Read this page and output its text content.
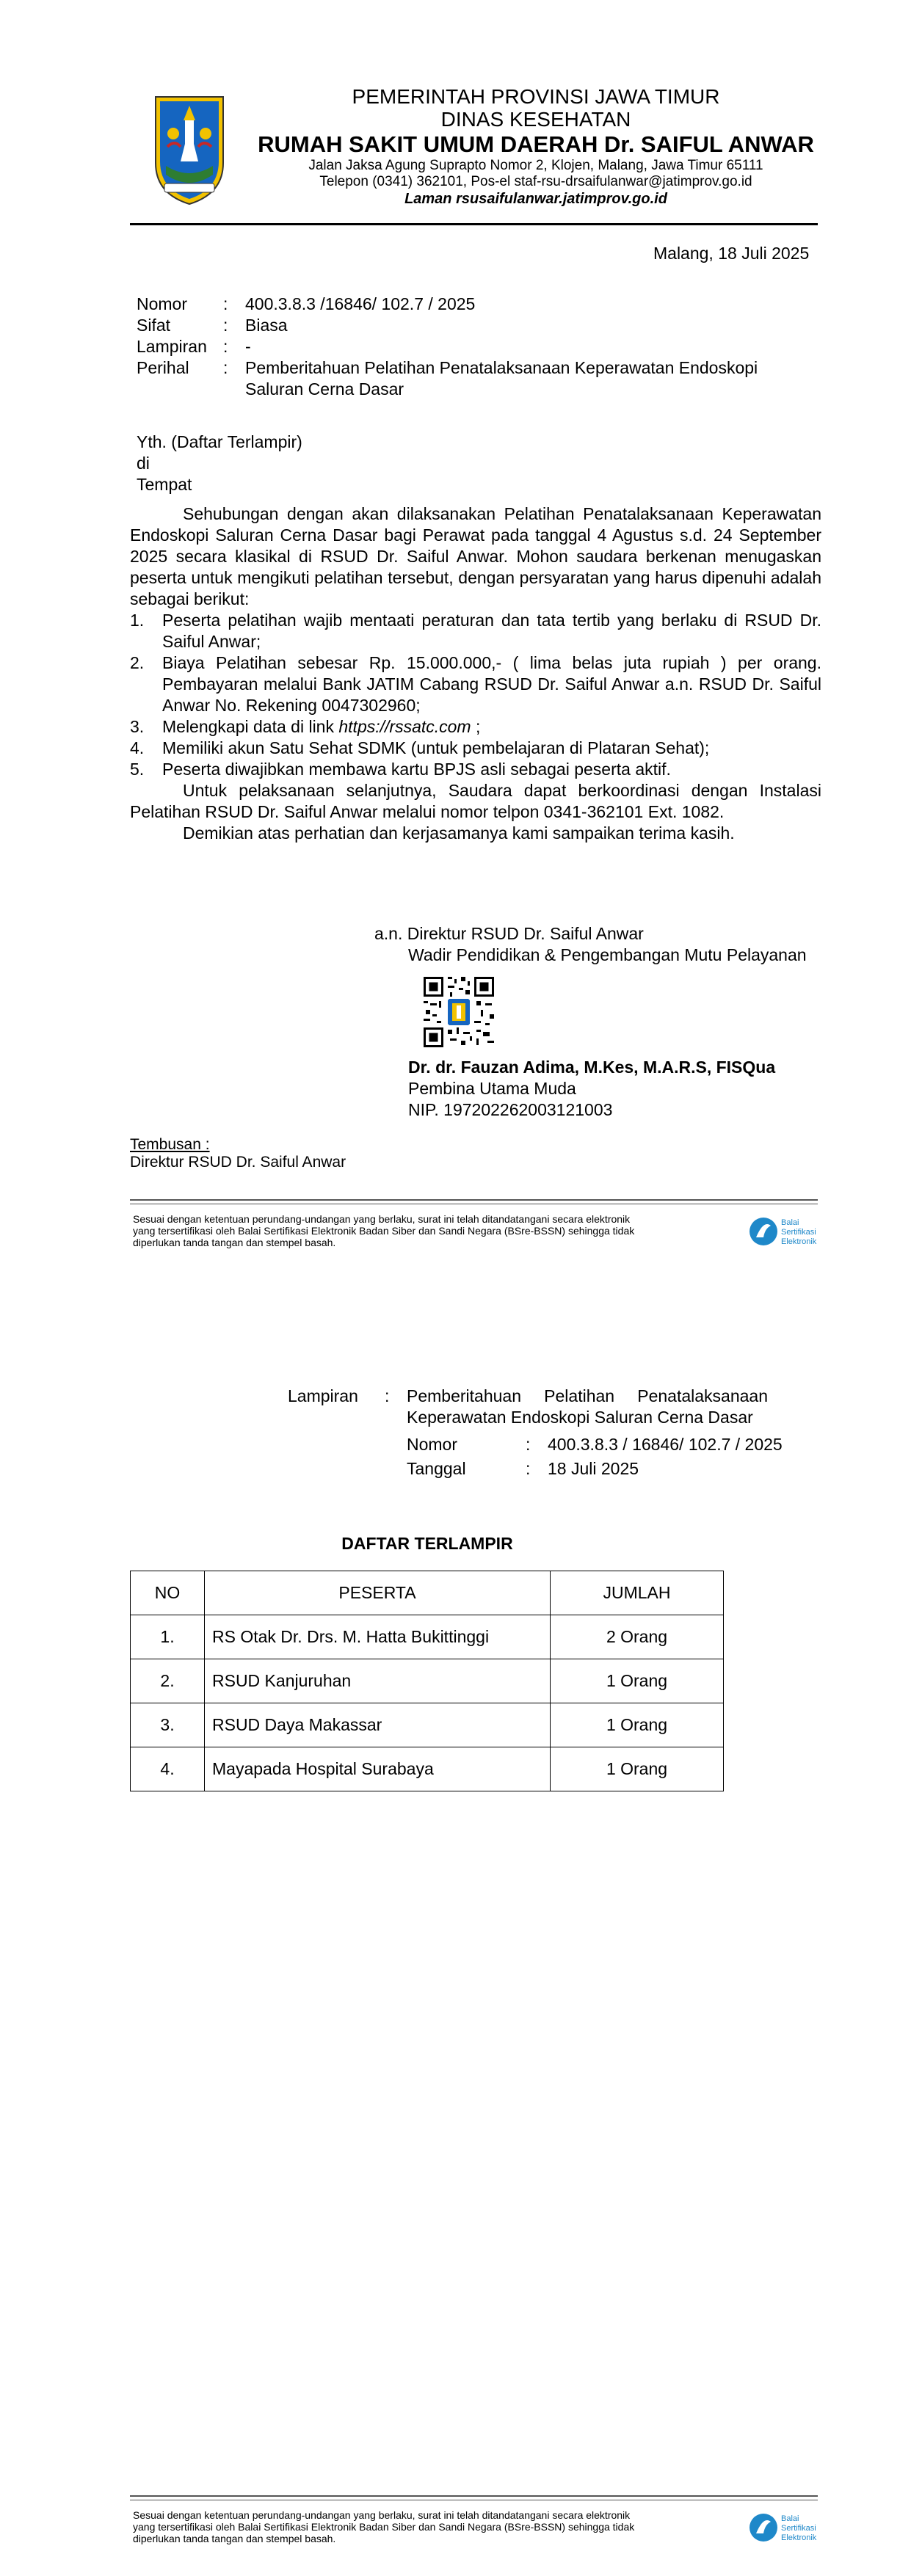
PEMERINTAH PROVINSI JAWA TIMUR
DINAS KESEHATAN
RUMAH SAKIT UMUM DAERAH Dr. SAIFUL ANWAR
Jalan Jaksa Agung Suprapto Nomor 2, Klojen, Malang, Jawa Timur 65111
Telepon (0341) 362101, Pos-el staf-rsu-drsaifulanwar@jatimprov.go.id
Laman rsusaifulanwar.jatimprov.go.id
Malang, 18 Juli 2025
Nomor	:	400.3.8.3 /16846/ 102.7 / 2025
Sifat	:	Biasa
Lampiran :	-
Perihal	:	Pemberitahuan Pelatihan Penatalaksanaan Keperawatan Endoskopi Saluran Cerna Dasar
Yth. (Daftar Terlampir)
di
Tempat

Sehubungan dengan akan dilaksanakan Pelatihan Penatalaksanaan Keperawatan Endoskopi Saluran Cerna Dasar bagi Perawat pada tanggal 4 Agustus s.d. 24 September 2025 secara klasikal di RSUD Dr. Saiful Anwar. Mohon saudara berkenan menugaskan peserta untuk mengikuti pelatihan tersebut, dengan persyaratan yang harus dipenuhi adalah sebagai berikut:

1.	Peserta pelatihan wajib mentaati peraturan dan tata tertib yang berlaku di RSUD Dr. Saiful Anwar;
2.	Biaya Pelatihan sebesar Rp. 15.000.000,- ( lima belas juta rupiah ) per orang. Pembayaran melalui Bank JATIM Cabang RSUD Dr. Saiful Anwar a.n. RSUD Dr. Saiful Anwar No. Rekening 0047302960;
3.	Melengkapi data di link https://rssatc.com ;
4.	Memiliki akun Satu Sehat SDMK (untuk pembelajaran di Plataran Sehat);
5.	Peserta diwajibkan membawa kartu BPJS asli sebagai peserta aktif.

Untuk pelaksanaan selanjutnya, Saudara dapat berkoordinasi dengan Instalasi Pelatihan RSUD Dr. Saiful Anwar melalui nomor telpon 0341-362101 Ext. 1082.

Demikian atas perhatian dan kerjasamanya kami sampaikan terima kasih.

a.n. Direktur RSUD Dr. Saiful Anwar
Wadir Pendidikan & Pengembangan Mutu Pelayanan
Dr. dr. Fauzan Adima, M.Kes, M.A.R.S, FISQua
Pembina Utama Muda
NIP. 197202262003121003
Tembusan :
Direktur RSUD Dr. Saiful Anwar
Sesuai dengan ketentuan perundang-undangan yang berlaku, surat ini telah ditandatangani secara elektronik
yang tersertifikasi oleh Balai Sertifikasi Elektronik Badan Siber dan Sandi Negara (BSre-BSSN) sehingga tidak
diperlukan tanda tangan dan stempel basah.
Balai
Sertifikasi
Elektronik
Lampiran	:	Pemberitahuan Pelatihan Penatalaksanaan Keperawatan Endoskopi Saluran Cerna Dasar
Nomor	:	400.3.8.3 / 16846/ 102.7 / 2025
Tanggal	:	18 Juli 2025
DAFTAR TERLAMPIR
NO	PESERTA	JUMLAH
1.	RS Otak Dr. Drs. M. Hatta Bukittinggi	2 Orang
2.	RSUD Kanjuruhan	1 Orang
3.	RSUD Daya Makassar	1 Orang
4.	Mayapada Hospital Surabaya	1 Orang
Sesuai dengan ketentuan perundang-undangan yang berlaku, surat ini telah ditandatangani secara elektronik
yang tersertifikasi oleh Balai Sertifikasi Elektronik Badan Siber dan Sandi Negara (BSre-BSSN) sehingga tidak
diperlukan tanda tangan dan stempel basah.
Balai
Sertifikasi
Elektronik
